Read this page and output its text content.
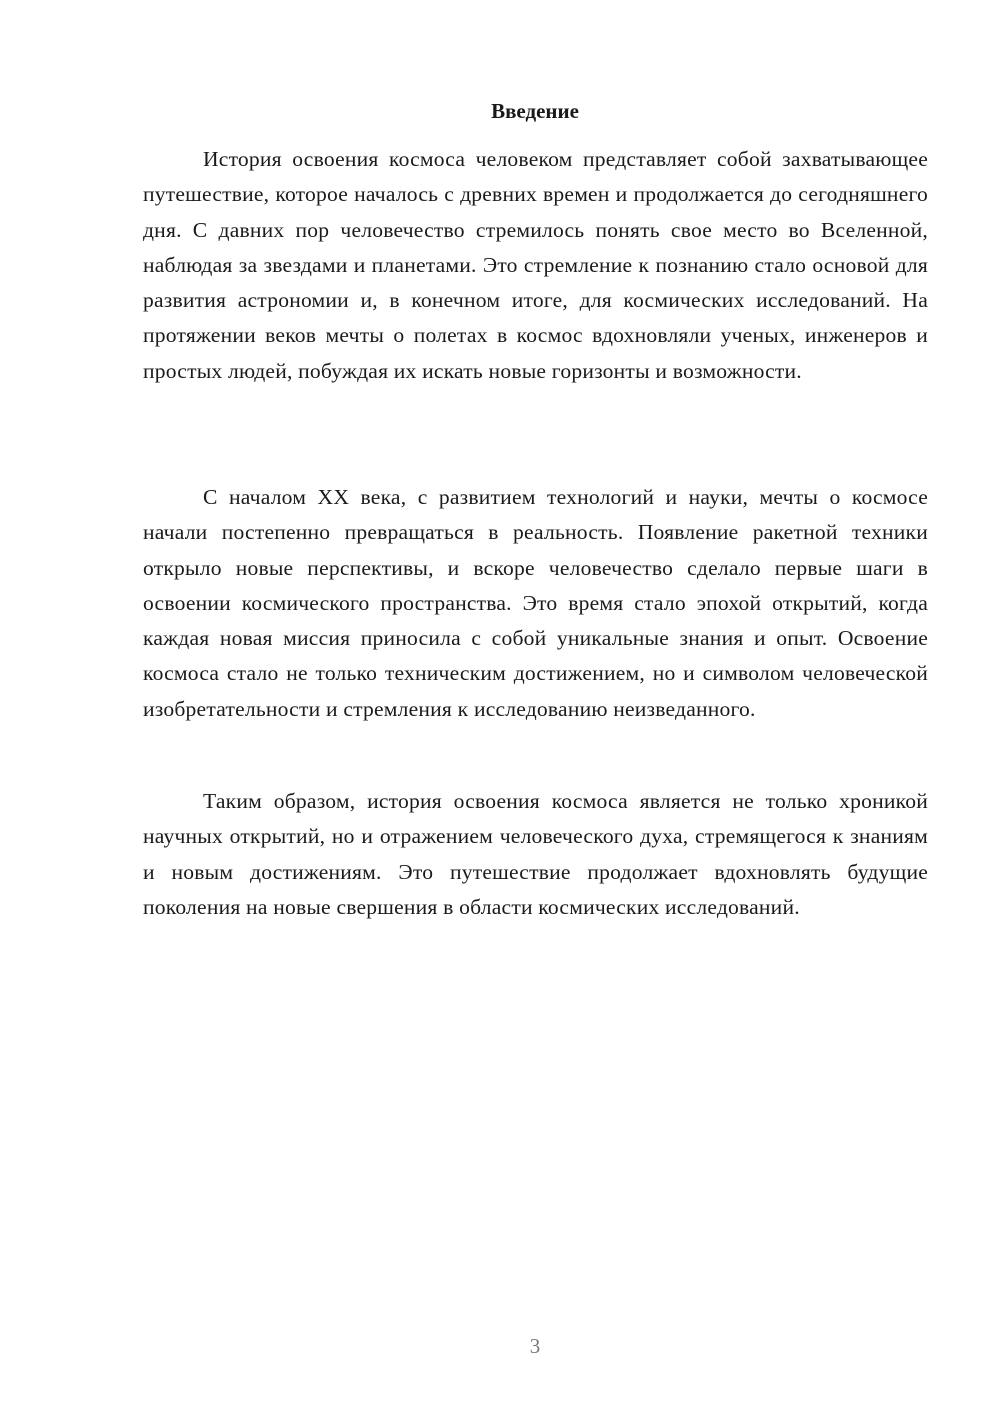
Введение

История освоения космоса человеком представляет собой захватывающее путешествие, которое началось с древних времен и продолжается до сегодняшнего дня. С давних пор человечество стремилось понять свое место во Вселенной, наблюдая за звездами и планетами. Это стремление к познанию стало основой для развития астрономии и, в конечном итоге, для космических исследований. На протяжении веков мечты о полетах в космос вдохновляли ученых, инженеров и простых людей, побуждая их искать новые горизонты и возможности.

С началом XX века, с развитием технологий и науки, мечты о космосе начали постепенно превращаться в реальность. Появление ракетной техники открыло новые перспективы, и вскоре человечество сделало первые шаги в освоении космического пространства. Это время стало эпохой открытий, когда каждая новая миссия приносила с собой уникальные знания и опыт. Освоение космоса стало не только техническим достижением, но и символом человеческой изобретательности и стремления к исследованию неизведанного.

Таким образом, история освоения космоса является не только хроникой научных открытий, но и отражением человеческого духа, стремящегося к знаниям и новым достижениям. Это путешествие продолжает вдохновлять будущие поколения на новые свершения в области космических исследований.

3
